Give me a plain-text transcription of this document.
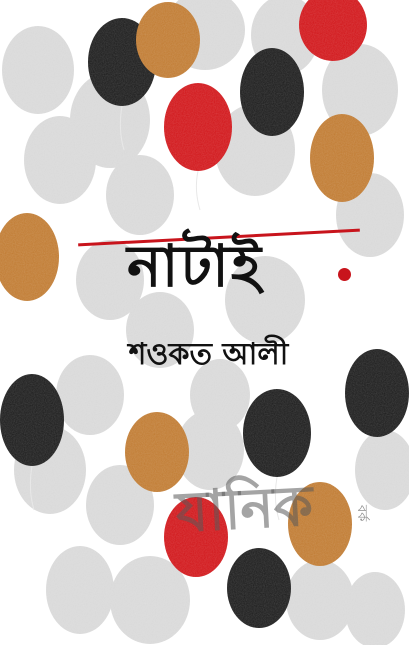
নাটাই
শওকত আলী
যানিক	বৰ্ক
